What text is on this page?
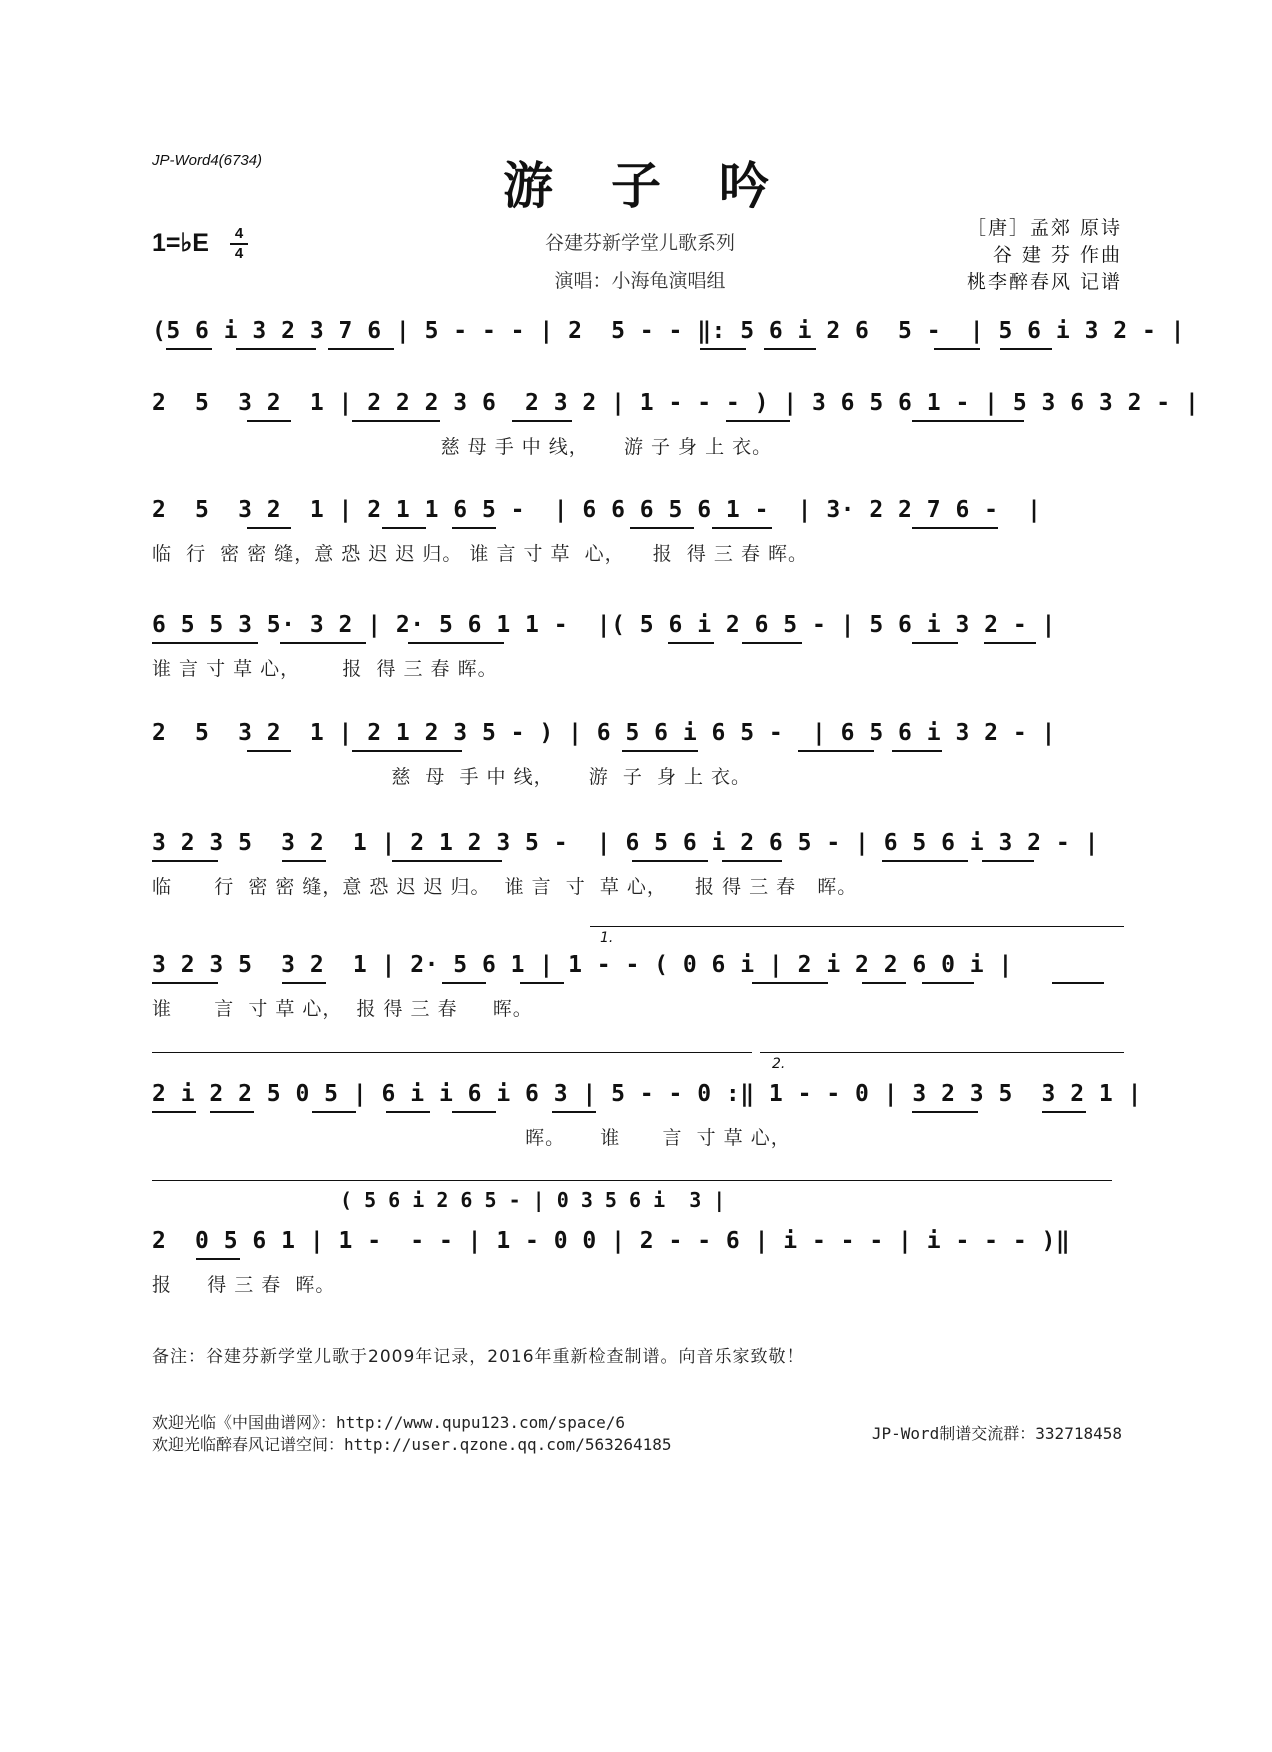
JP-Word4(6734)	游子吟
1=♭E	4
4	谷建芬新学堂儿歌系列
演唱：小海龟演唱组
［唐］孟郊 原诗
谷 建 芬 作曲
桃李醉春风 记谱
(5 6 i 3 2 3 7 6 | 5 - - - | 2  5 - - ‖: 5 6 i 2 6  5 -  | 5 6 i 3 2 - |
2  5  3 2  1 | 2 2 2 3 6  2 3 2 | 1 - - - ) | 3 6 5 6 1 - | 5 3 6 3 2 - |
慈 母 手 中 线，     游 子 身 上 衣。
2  5  3 2  1 | 2 1 1 6 5 -  | 6 6 6 5 6 1 -  | 3· 2 2 7 6 -  |
临  行  密 密 缝，意 恐 迟 迟 归。 谁 言 寸 草  心，    报  得 三 春 晖。
6 5 5 3 5· 3 2 | 2· 5 6 1 1 -  |( 5 6 i 2 6 5 - | 5 6 i 3 2 - |
谁 言 寸 草 心，      报  得 三 春 晖。
2  5  3 2  1 | 2 1 2 3 5 - ) | 6 5 6 i 6 5 -  | 6 5 6 i 3 2 - |
慈  母  手 中 线，     游  子  身 上 衣。
3 2 3 5  3 2  1 | 2 1 2 3 5 -  | 6 5 6 i 2 6 5 - | 6 5 6 i 3 2 - |
临      行  密 密 缝，意 恐 迟 迟 归。  谁 言  寸  草 心，    报 得 三 春   晖。
1.
3 2 3 5  3 2  1 | 2· 5 6 1 | 1 - - ( 0 6 i | 2 i 2 2 6 0 i |
谁      言  寸 草 心，  报 得 三 春     晖。
2.
2 i 2 2 5 0 5 | 6 i i 6 i 6 3 | 5 - - 0 :‖ 1 - - 0 | 3 2 3 5  3 2 1 |
晖。     谁      言  寸 草 心，
( 5 6 i 2 6 5 - | 0 3 5 6 i  3 |
2  0 5 6 1 | 1 -  - - | 1 - 0 0 | 2 - - 6 | i - - - | i - - - )‖
报     得 三 春  晖。
备注：谷建芬新学堂儿歌于2009年记录，2016年重新检查制谱。向音乐家致敬！
欢迎光临《中国曲谱网》：http://www.qupu123.com/space/6
欢迎光临醉春风记谱空间：http://user.qzone.qq.com/563264185
JP-Word制谱交流群：332718458
